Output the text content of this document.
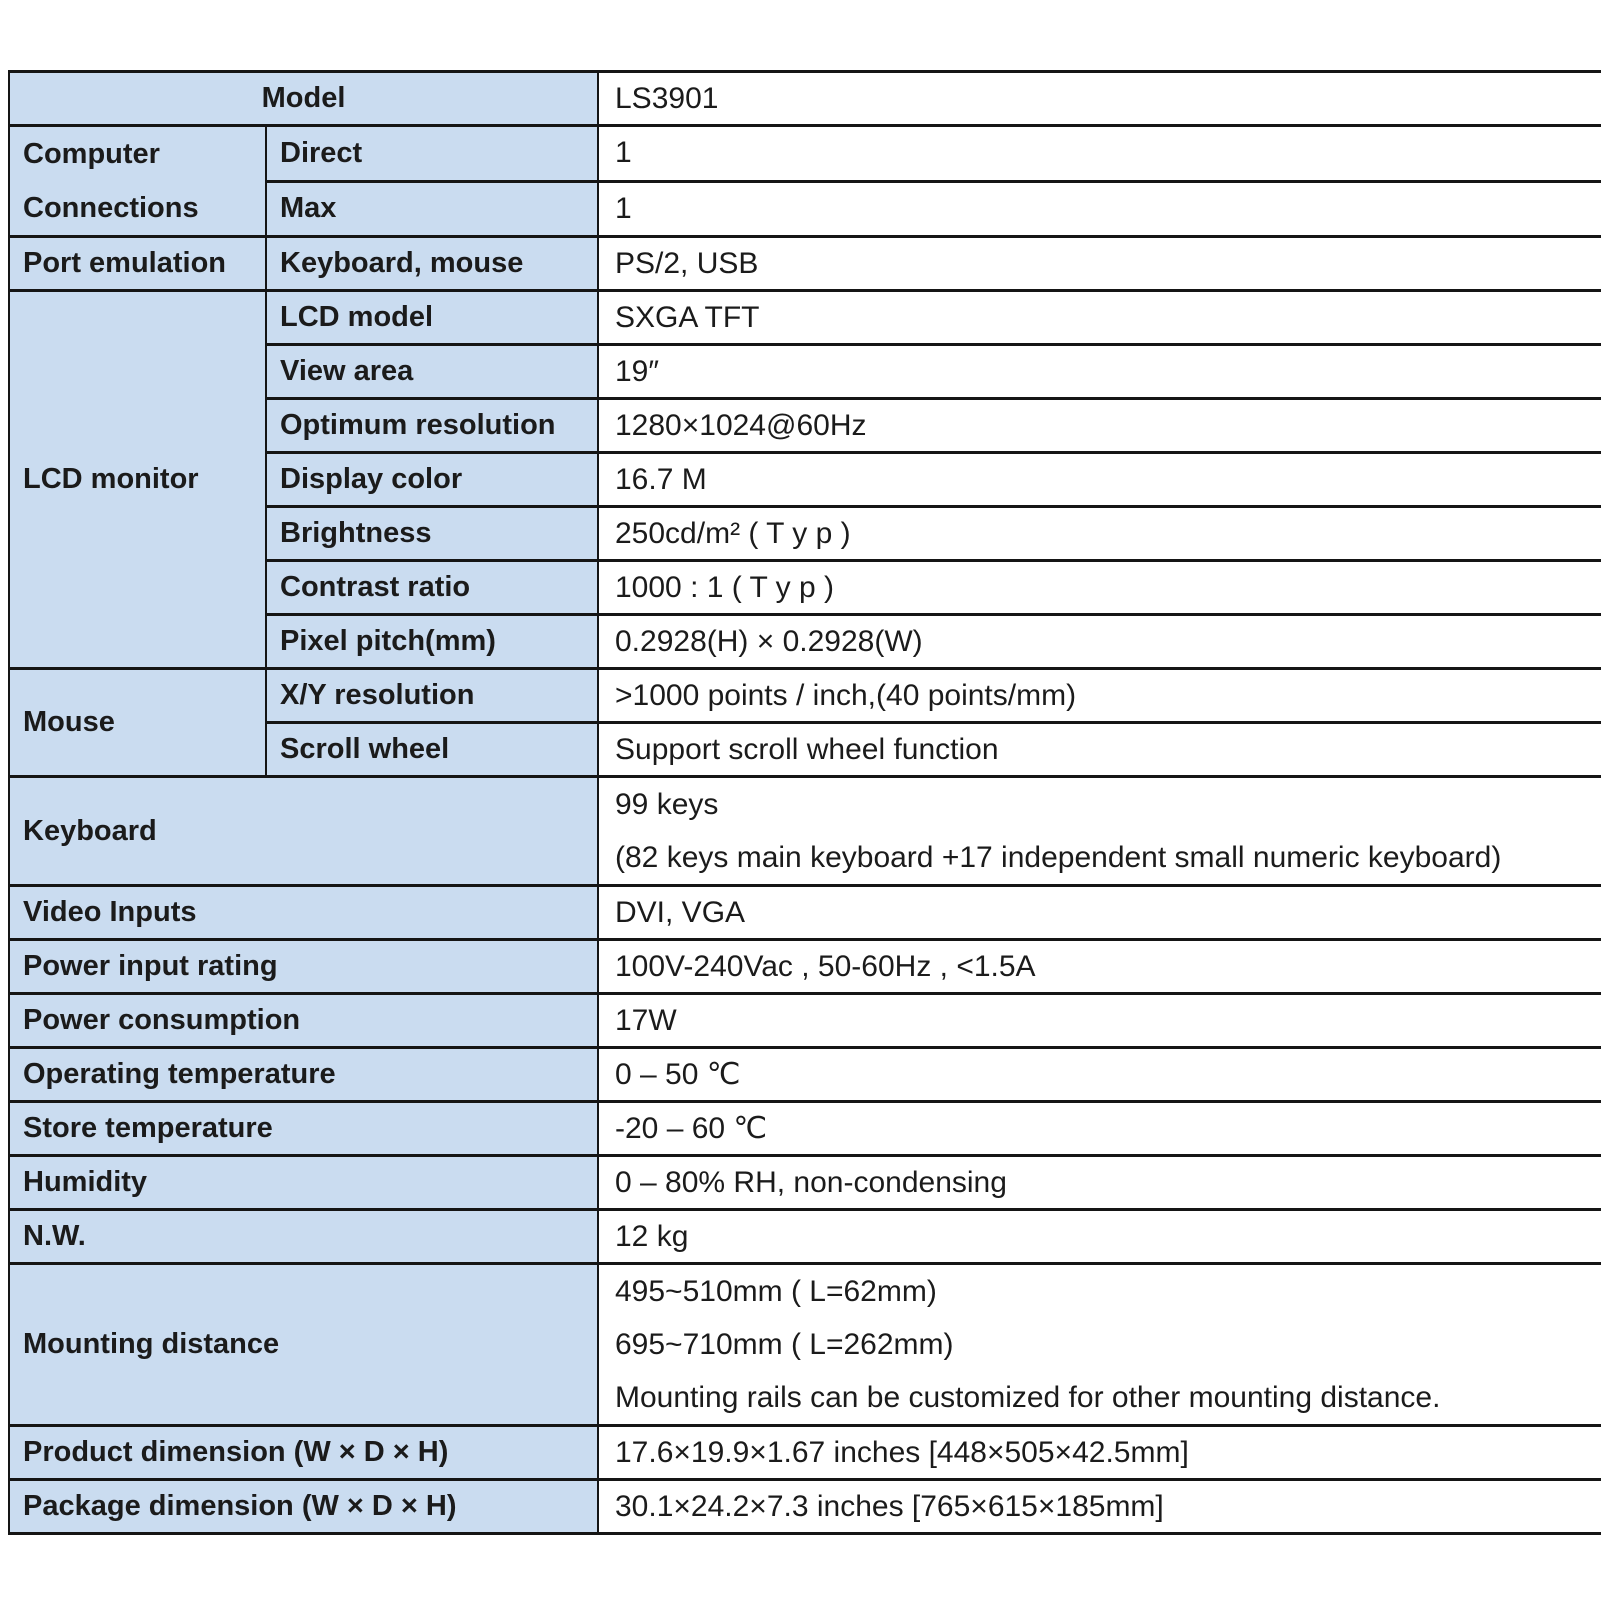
Model		LS3901

Computer
Connections	Direct	1
	Max	1
Port emulation	Keyboard, mouse	PS/2, USB
LCD monitor	LCD model	SXGA TFT
	View area	19″
	Optimum resolution	1280×1024@60Hz
	Display color	16.7 M
	Brightness	250cd/m² ( T y p )
	Contrast ratio	1000 : 1 ( T y p )
	Pixel pitch(mm)	0.2928(H) × 0.2928(W)
Mouse	X/Y resolution	>1000 points / inch,(40 points/mm)
	Scroll wheel	Support scroll wheel function
Keyboard		99 keys
(82 keys main keyboard +17 independent small numeric keyboard)

Video Inputs		DVI, VGA
Power input rating		100V-240Vac , 50-60Hz , <1.5A
Power consumption		17W
Operating temperature		0 – 50 ℃
Store temperature		-20 – 60 ℃
Humidity		0 – 80% RH, non-condensing
N.W.		12 kg
Mounting distance		495~510mm ( L=62mm)
695~710mm ( L=262mm)
Mounting rails can be customized for other mounting distance.

Product dimension (W × D × H)		17.6×19.9×1.67 inches [448×505×42.5mm]
Package dimension (W × D × H)		30.1×24.2×7.3 inches [765×615×185mm]
